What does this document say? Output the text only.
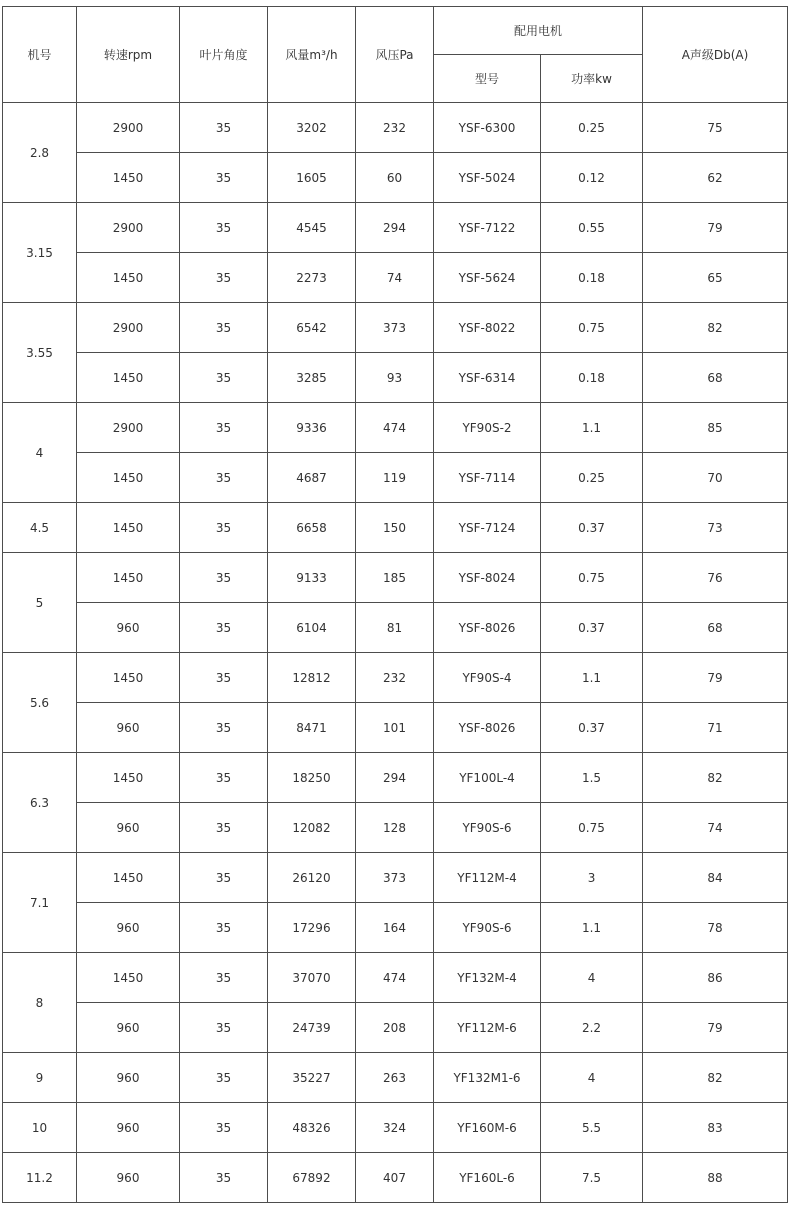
机号	转速rpm	叶片角度	风量m³/h	风压Pa	配用电机		A声级Db(A)
					型号	功率kw	
2.8	2900	35	3202	232	YSF-6300	0.25	75
	1450	35	1605	60	YSF-5024	0.12	62
3.15	2900	35	4545	294	YSF-7122	0.55	79
	1450	35	2273	74	YSF-5624	0.18	65
3.55	2900	35	6542	373	YSF-8022	0.75	82
	1450	35	3285	93	YSF-6314	0.18	68
4	2900	35	9336	474	YF90S-2	1.1	85
	1450	35	4687	119	YSF-7114	0.25	70
4.5	1450	35	6658	150	YSF-7124	0.37	73
5	1450	35	9133	185	YSF-8024	0.75	76
	960	35	6104	81	YSF-8026	0.37	68
5.6	1450	35	12812	232	YF90S-4	1.1	79
	960	35	8471	101	YSF-8026	0.37	71
6.3	1450	35	18250	294	YF100L-4	1.5	82
	960	35	12082	128	YF90S-6	0.75	74
7.1	1450	35	26120	373	YF112M-4	3	84
	960	35	17296	164	YF90S-6	1.1	78
8	1450	35	37070	474	YF132M-4	4	86
	960	35	24739	208	YF112M-6	2.2	79
9	960	35	35227	263	YF132M1-6	4	82
10	960	35	48326	324	YF160M-6	5.5	83
11.2	960	35	67892	407	YF160L-6	7.5	88
